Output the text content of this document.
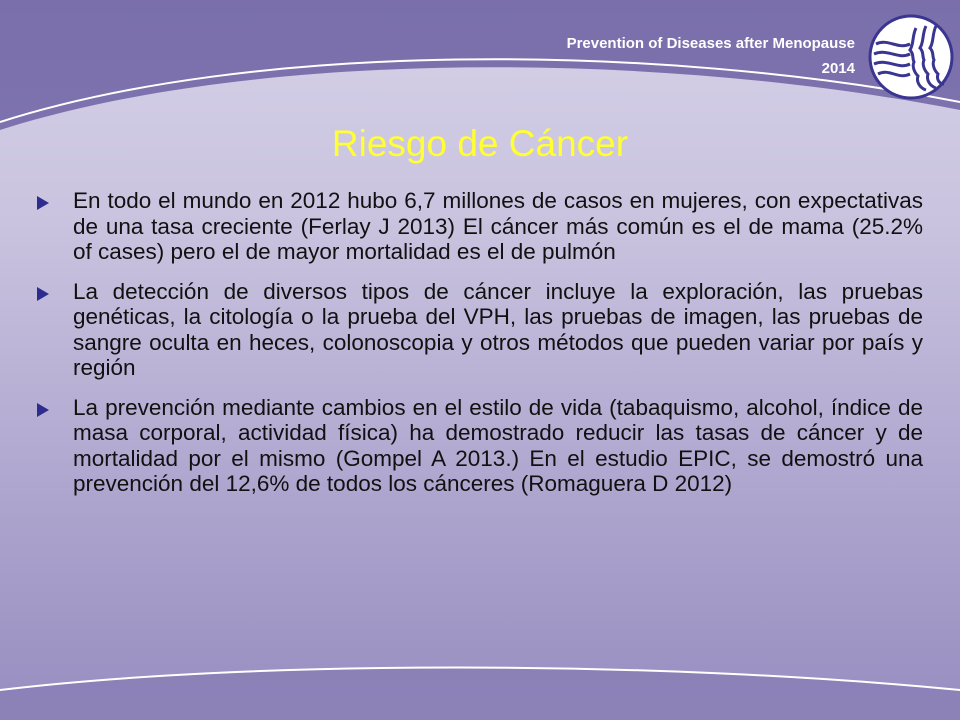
Prevention of Diseases after Menopause
2014
Riesgo de Cáncer
En todo el mundo en 2012 hubo 6,7 millones de casos en mujeres, con expectativas de una tasa creciente (Ferlay J 2013) El cáncer más común es el de mama (25.2% of cases) pero el de mayor mortalidad es el de pulmón
La detección de diversos tipos de cáncer incluye la exploración, las pruebas genéticas, la citología o la prueba del VPH, las pruebas de imagen, las pruebas de sangre oculta en heces, colonoscopia y otros métodos que pueden variar por país y región
La prevención mediante cambios en el estilo de vida (tabaquismo, alcohol, índice de masa corporal, actividad física) ha demostrado reducir las tasas de cáncer y de mortalidad por el mismo (Gompel A 2013.) En el estudio EPIC, se demostró una prevención del 12,6% de todos los cánceres (Romaguera D 2012)
